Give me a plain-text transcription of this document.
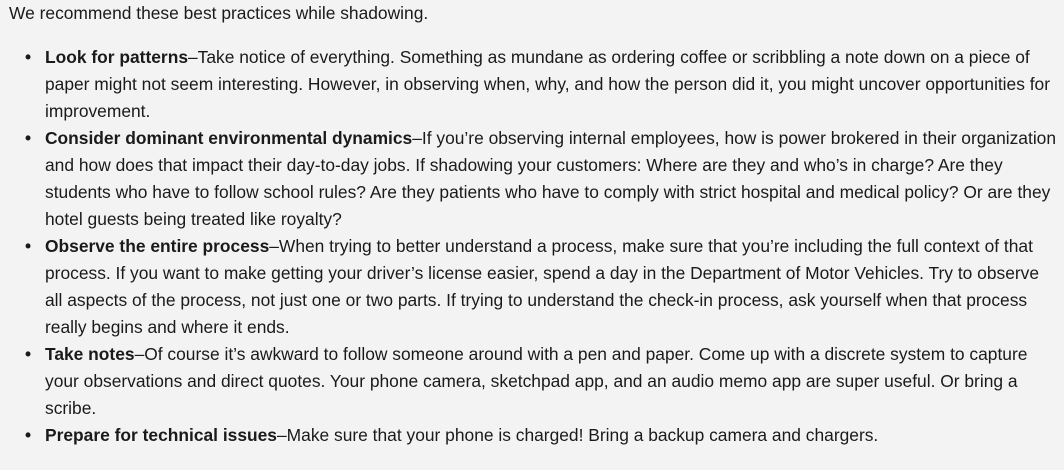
We recommend these best practices while shadowing.

• Look for patterns–Take notice of everything. Something as mundane as ordering coffee or scribbling a note down on a piece of paper might not seem interesting. However, in observing when, why, and how the person did it, you might uncover opportunities for improvement.
• Consider dominant environmental dynamics–If you’re observing internal employees, how is power brokered in their organization and how does that impact their day-to-day jobs. If shadowing your customers: Where are they and who’s in charge? Are they students who have to follow school rules? Are they patients who have to comply with strict hospital and medical policy? Or are they hotel guests being treated like royalty?
• Observe the entire process–When trying to better understand a process, make sure that you’re including the full context of that process. If you want to make getting your driver’s license easier, spend a day in the Department of Motor Vehicles. Try to observe all aspects of the process, not just one or two parts. If trying to understand the check-in process, ask yourself when that process really begins and where it ends.
• Take notes–Of course it’s awkward to follow someone around with a pen and paper. Come up with a discrete system to capture your observations and direct quotes. Your phone camera, sketchpad app, and an audio memo app are super useful. Or bring a scribe.
• Prepare for technical issues–Make sure that your phone is charged! Bring a backup camera and chargers.
